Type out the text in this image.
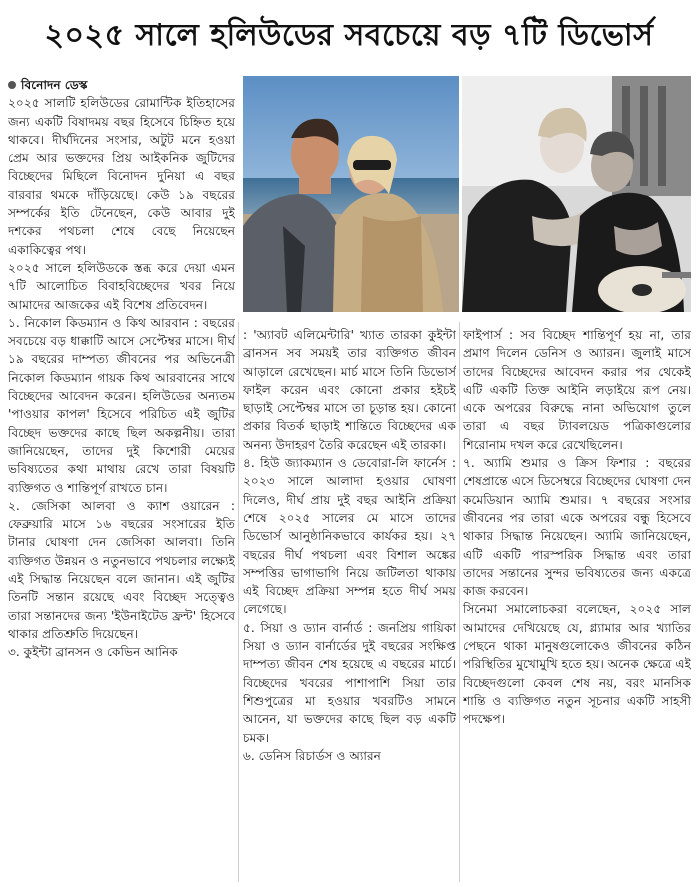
২০২৫ সালে হলিউডের সবচেয়ে বড় ৭টি ডিভোর্স

বিনোদন ডেস্ক

২০২৫ সালটি হলিউডের রোমান্টিক ইতিহাসের জন্য একটি বিষাদময় বছর হিসেবে চিহ্নিত হয়ে থাকবে। দীর্ঘদিনের সংসার, অটুট মনে হওয়া প্রেম আর ভক্তদের প্রিয় আইকনিক জুটিদের বিচ্ছেদের মিছিলে বিনোদন দুনিয়া এ বছর বারবার থমকে দাঁড়িয়েছে। কেউ ১৯ বছরের সম্পর্কের ইতি টেনেছেন, কেউ আবার দুই দশকের পথচলা শেষে বেছে নিয়েছেন একাকিত্বের পথ।

২০২৫ সালে হলিউডকে স্তব্ধ করে দেয়া এমন ৭টি আলোচিত বিবাহবিচ্ছেদের খবর নিয়ে আমাদের আজকের এই বিশেষ প্রতিবেদন।

১. নিকোল কিডম্যান ও কিথ আরবান : বছরের সবচেয়ে বড় ধাক্কাটি আসে সেপ্টেম্বর মাসে। দীর্ঘ ১৯ বছরের দাম্পত্য জীবনের পর অভিনেত্রী নিকোল কিডম্যান গায়ক কিথ আরবানের সাথে বিচ্ছেদের আবেদন করেন। হলিউডের অন্যতম 'পাওয়ার কাপল' হিসেবে পরিচিত এই জুটির বিচ্ছেদ ভক্তদের কাছে ছিল অকল্পনীয়। তারা জানিয়েছেন, তাদের দুই কিশোরী মেয়ের ভবিষ্যতের কথা মাথায় রেখে তারা বিষয়টি ব্যক্তিগত ও শান্তিপূর্ণ রাখতে চান।

২. জেসিকা আলবা ও ক্যাশ ওয়ারেন : ফেব্রুয়ারি মাসে ১৬ বছরের সংসারের ইতি টানার ঘোষণা দেন জেসিকা আলবা। তিনি ব্যক্তিগত উন্নয়ন ও নতুনভাবে পথচলার লক্ষ্যেই এই সিদ্ধান্ত নিয়েছেন বলে জানান। এই জুটির তিনটি সন্তান রয়েছে এবং বিচ্ছেদ সত্ত্বেও তারা সন্তানদের জন্য 'ইউনাইটেড ফ্রন্ট' হিসেবে থাকার প্রতিশ্রুতি দিয়েছেন।

৩. কুইন্টা ব্রানসন ও কেভিন আনিক

: 'অ্যাবট এলিমেন্টারি' খ্যাত তারকা কুইন্টা ব্রানসন সব সময়ই তার ব্যক্তিগত জীবন আড়ালে রেখেছেন। মার্চ মাসে তিনি ডিভোর্স ফাইল করেন এবং কোনো প্রকার হইচই ছাড়াই সেপ্টেম্বর মাসে তা চূড়ান্ত হয়। কোনো প্রকার বিতর্ক ছাড়াই শান্তিতে বিচ্ছেদের এক অনন্য উদাহরণ তৈরি করেছেন এই তারকা।

৪. হিউ জ্যাকম্যান ও ডেবোরা-লি ফার্নেস : ২০২৩ সালে আলাদা হওয়ার ঘোষণা দিলেও, দীর্ঘ প্রায় দুই বছর আইনি প্রক্রিয়া শেষে ২০২৫ সালের মে মাসে তাদের ডিভোর্স আনুষ্ঠানিকভাবে কার্যকর হয়। ২৭ বছরের দীর্ঘ পথচলা এবং বিশাল অঙ্কের সম্পত্তির ভাগাভাগি নিয়ে জটিলতা থাকায় এই বিচ্ছেদ প্রক্রিয়া সম্পন্ন হতে দীর্ঘ সময় লেগেছে।

৫. সিয়া ও ড্যান বার্নার্ড : জনপ্রিয় গায়িকা সিয়া ও ড্যান বার্নার্ডের দুই বছরের সংক্ষিপ্ত দাম্পত্য জীবন শেষ হয়েছে এ বছরের মার্চে। বিচ্ছেদের খবরের পাশাপাশি সিয়া তার শিশুপুত্রের মা হওয়ার খবরটিও সামনে আনেন, যা ভক্তদের কাছে ছিল বড় একটি চমক।

৬. ডেনিস রিচার্ডস ও অ্যারন

ফাইপার্স : সব বিচ্ছেদ শান্তিপূর্ণ হয় না, তার প্রমাণ দিলেন ডেনিস ও অ্যারন। জুলাই মাসে তাদের বিচ্ছেদের আবেদন করার পর থেকেই এটি একটি তিক্ত আইনি লড়াইয়ে রূপ নেয়। একে অপরের বিরুদ্ধে নানা অভিযোগ তুলে তারা এ বছর ট্যাবলয়েড পত্রিকাগুলোর শিরোনাম দখল করে রেখেছিলেন।

৭. অ্যামি শুমার ও ক্রিস ফিশার : বছরের শেষপ্রান্তে এসে ডিসেম্বরে বিচ্ছেদের ঘোষণা দেন কমেডিয়ান অ্যামি শুমার। ৭ বছরের সংসার জীবনের পর তারা একে অপরের বন্ধু হিসেবে থাকার সিদ্ধান্ত নিয়েছেন। অ্যামি জানিয়েছেন, এটি একটি পারস্পরিক সিদ্ধান্ত এবং তারা তাদের সন্তানের সুন্দর ভবিষ্যতের জন্য একত্রে কাজ করবেন।

সিনেমা সমালোচকরা বলেছেন, ২০২৫ সাল আমাদের দেখিয়েছে যে, গ্ল্যামার আর খ্যাতির পেছনে থাকা মানুষগুলোকেও জীবনের কঠিন পরিস্থিতির মুখোমুখি হতে হয়। অনেক ক্ষেত্রে এই বিচ্ছেদগুলো কেবল শেষ নয়, বরং মানসিক শান্তি ও ব্যক্তিগত নতুন সূচনার একটি সাহসী পদক্ষেপ।
